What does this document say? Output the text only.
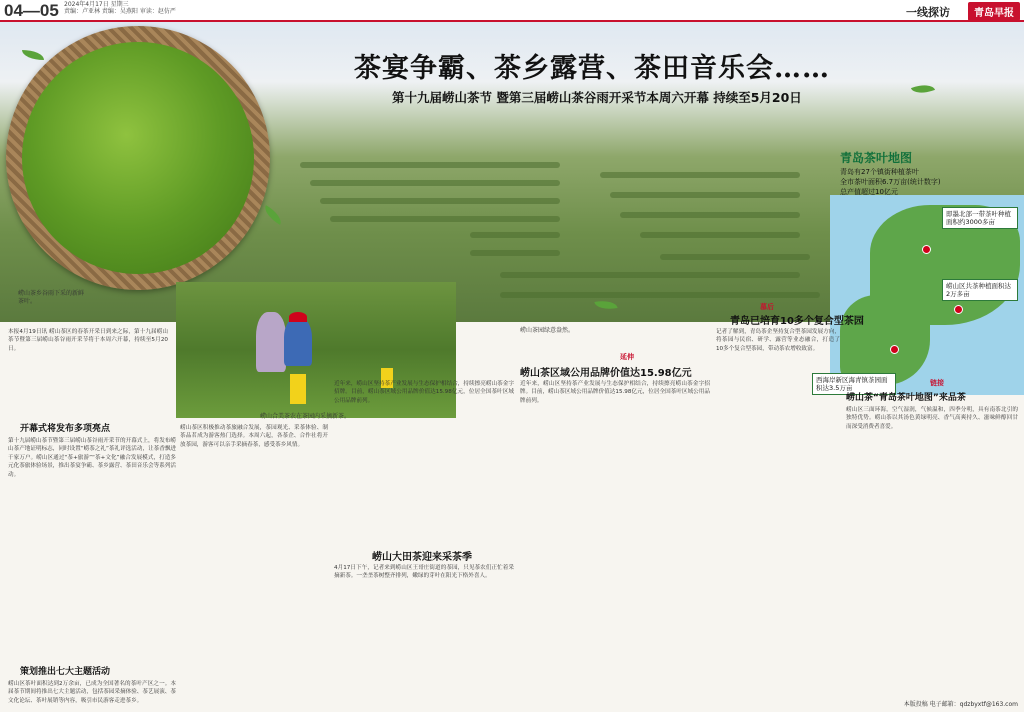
04—05 2024年4月17日 星期三
责编：卢亚林 责编：吴燕阳 审读：赵仿严	一线探访	青岛早报
崂山茶乡谷雨下采的新鲜茶叶。
茶宴争霸、茶乡露营、茶田音乐会……
第十九届崂山茶节 暨第三届崂山茶谷雨开采节本周六开幕 持续至5月20日
青岛茶叶地图
青岛有27个镇街种植茶叶
全市茶叶面积6.7万亩(统计数字)
总产值超过10亿元
即墨北部一带茶叶种植面积约3000多亩
崂山区共茶种植面积达2万多亩
西海岸新区海青镇茶园面积达3.5万亩
崂山合美茶农在茶园内采摘新茶。
崂山茶园绿意盎然。
本报4月19日讯 崂山茶区的春茶开采日到来之际，第十九届崂山茶节暨第三届崂山茶谷雨开采节将于本周六开幕，持续至5月20日。
开幕式将发布多项亮点
第十九届崂山茶节暨第三届崂山茶谷雨开采节的开幕式上，将发布崂山茶产地证明标志，同时设置“崂茶之礼”茶礼评选活动，让茶香飘进千家万户。崂山区通过“茶+旅游”“茶+文化”融合发展模式，打造多元化茶旅体验场景，推出茶宴争霸、茶乡露营、茶田音乐会等系列活动。
策划推出七大主题活动
崂山区茶叶面积达到2万余亩，已成为全国著名的茶叶产区之一。本届茶节期间将推出七大主题活动，包括茶园采摘体验、茶艺展演、茶文化论坛、茶叶展销等内容，吸引市民游客走进茶乡。
崂山茶区积极推动茶旅融合发展，茶园观光、采茶体验、制茶品茗成为游客热门选择。本周六起，各茶企、合作社将开放茶园，游客可以亲手采摘春茶，感受茶乡风情。
延伸
崂山茶区域公用品牌价值达15.98亿元
近年来，崂山区坚持茶产业发展与生态保护相结合，持续擦亮崂山茶金字招牌。目前，崂山茶区域公用品牌价值达15.98亿元，位居全国茶叶区域公用品牌前列。
崂山大田茶迎来采茶季
4月17日下午，记者来到崂山区王哥庄街道的茶园，只见茶农们正忙着采摘新茶。一垄垄茶树整齐排列，嫩绿的芽叶在阳光下格外喜人。
近年来，崂山区坚持茶产业发展与生态保护相结合，持续擦亮崂山茶金字招牌。目前，崂山茶区域公用品牌价值达15.98亿元，位居全国茶叶区域公用品牌前列。
慕后
青岛已培育10多个复合型茶园
记者了解到，青岛茶企坚持复合型茶园发展方向，将茶园与民宿、研学、露营等业态融合，打造了10多个复合型茶园，带动茶农增收致富。
链接
崂山茶“青岛茶叶地图”来品茶
崂山区三面环海，空气湿润，气候温和，四季分明，具有南茶北引的独特优势。崂山茶以其汤色黄绿明亮、香气高爽持久、滋味鲜醇回甘而深受消费者喜爱。
本版投稿 电子邮箱：qdzbyxtf@163.com
